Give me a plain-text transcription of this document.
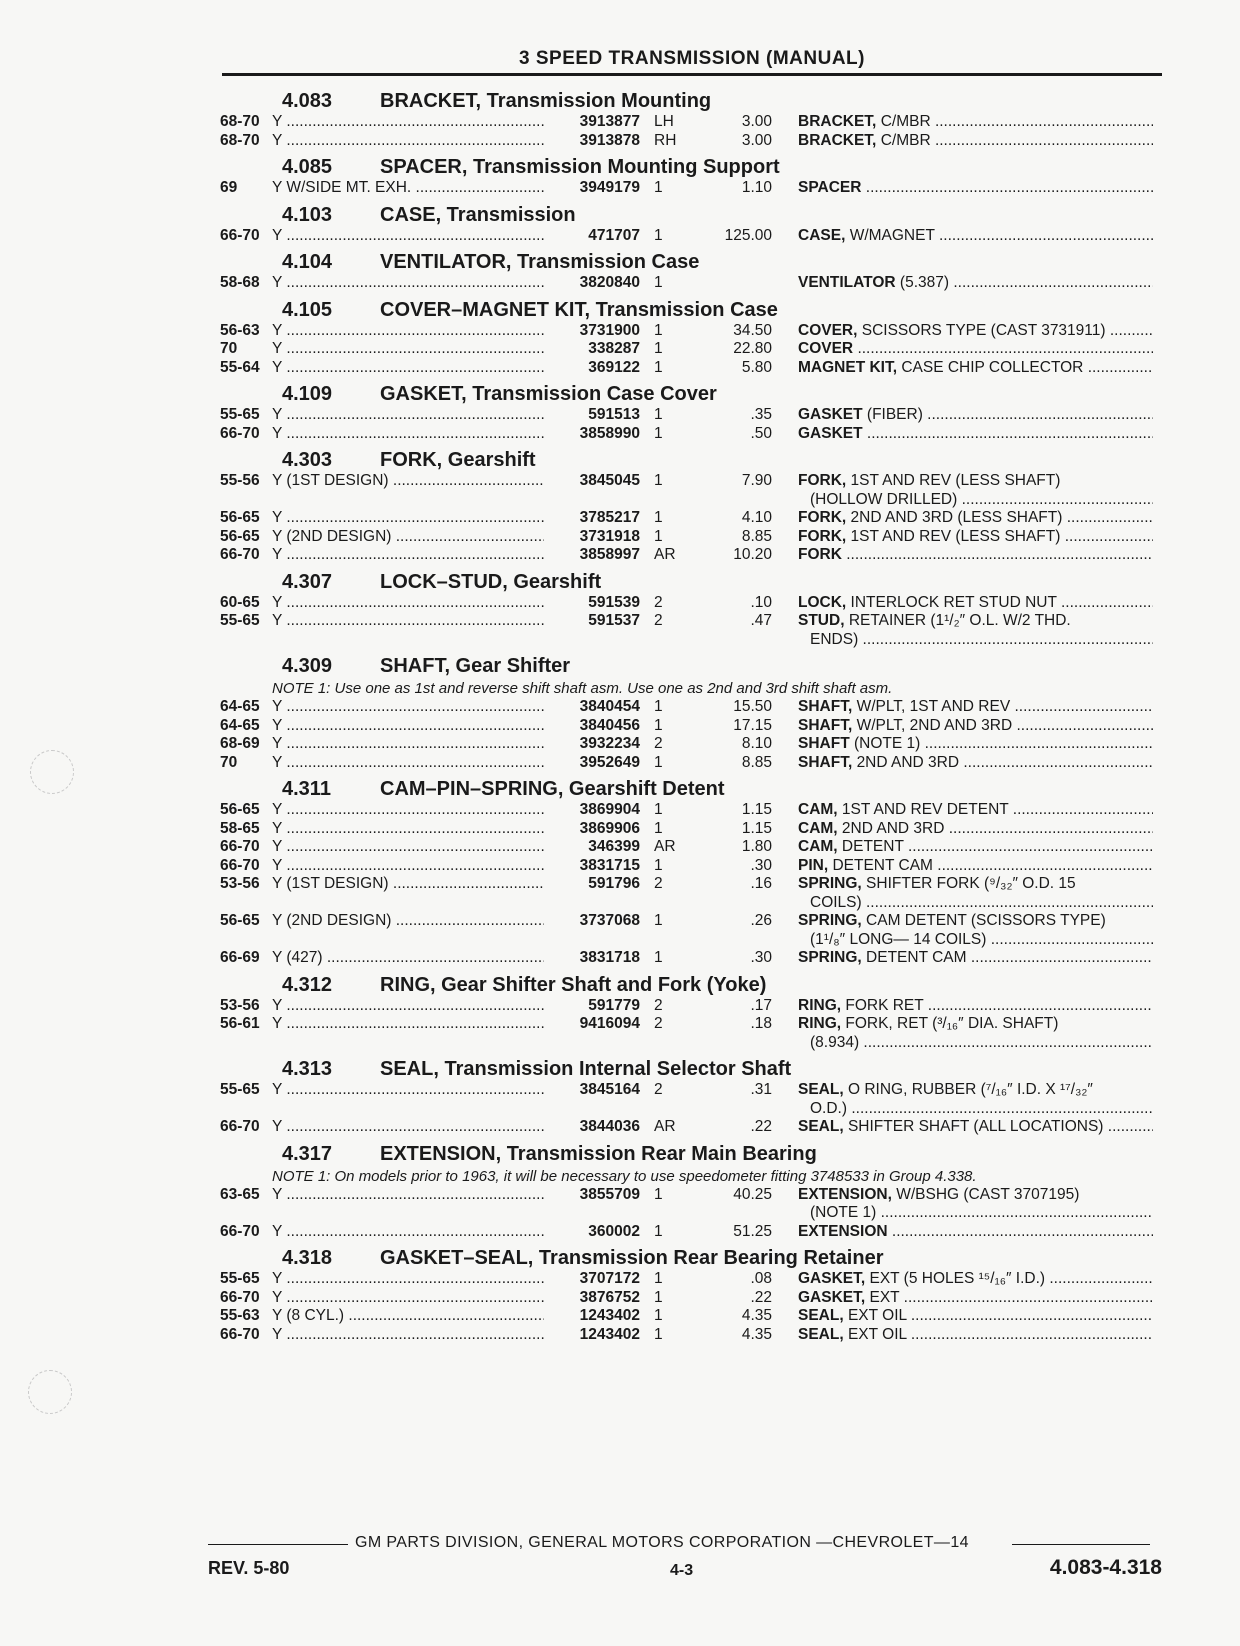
3 SPEED TRANSMISSION (MANUAL)
4.083	BRACKET, Transmission Mounting
68-70 Y .....	3913877 LH	3.00 BRACKET, C/MBR .....
68-70 Y .....	3913878 RH	3.00 BRACKET, C/MBR .....
4.085	SPACER, Transmission Mounting Support
69	Y W/SIDE MT. EXH. .....	3949179 1	1.10 SPACER .....
4.103	CASE, Transmission
66-70 Y .....	471707 1	125.00 CASE, W/MAGNET .....
4.104	VENTILATOR, Transmission Case
58-68 Y .....	3820840 1	VENTILATOR (5.387) .....
4.105	COVER–MAGNET KIT, Transmission Case
56-63 Y .....	3731900 1	34.50 COVER, SCISSORS TYPE (CAST 3731911) .....
70	Y .....	338287 1	22.80 COVER .....
55-64 Y .....	369122 1	5.80 MAGNET KIT, CASE CHIP COLLECTOR .....
4.109	GASKET, Transmission Case Cover
55-65 Y .....	591513 1	.35 GASKET (FIBER) .....
66-70 Y .....	3858990 1	.50 GASKET .....
4.303	FORK, Gearshift
55-56 Y (1ST DESIGN) .....	3845045 1	7.90 FORK, 1ST AND REV (LESS SHAFT)
(HOLLOW DRILLED) .....
56-65 Y .....	3785217 1	4.10 FORK, 2ND AND 3RD (LESS SHAFT) .....
56-65 Y (2ND DESIGN) .....	3731918 1	8.85 FORK, 1ST AND REV (LESS SHAFT) .....
66-70 Y .....	3858997 AR	10.20 FORK .....
4.307	LOCK–STUD, Gearshift
60-65 Y .....	591539 2	.10 LOCK, INTERLOCK RET STUD NUT .....
55-65 Y .....	591537 2	.47 STUD, RETAINER (1¹/₂″ O.L. W/2 THD.
ENDS) .....
4.309	SHAFT, Gear Shifter
NOTE 1: Use one as 1st and reverse shift shaft asm. Use one as 2nd and 3rd shift shaft asm.
64-65 Y .....	3840454 1	15.50 SHAFT, W/PLT, 1ST AND REV .....
64-65 Y .....	3840456 1	17.15 SHAFT, W/PLT, 2ND AND 3RD .....
68-69 Y .....	3932234 2	8.10 SHAFT (NOTE 1) .....
70	Y .....	3952649 1	8.85 SHAFT, 2ND AND 3RD .....
4.311	CAM–PIN–SPRING, Gearshift Detent
56-65 Y .....	3869904 1	1.15 CAM, 1ST AND REV DETENT .....
58-65 Y .....	3869906 1	1.15 CAM, 2ND AND 3RD .....
66-70 Y .....	346399 AR	1.80 CAM, DETENT .....
66-70 Y .....	3831715 1	.30 PIN, DETENT CAM .....
53-56 Y (1ST DESIGN) .....	591796 2	.16 SPRING, SHIFTER FORK (⁹/₃₂″ O.D. 15
COILS) .....
56-65 Y (2ND DESIGN) .....	3737068 1	.26 SPRING, CAM DETENT (SCISSORS TYPE)
(1¹/₈″ LONG— 14 COILS) .....
66-69 Y (427) .....	3831718 1	.30 SPRING, DETENT CAM .....
4.312	RING, Gear Shifter Shaft and Fork (Yoke)
53-56 Y .....	591779 2	.17 RING, FORK RET .....
56-61 Y .....	9416094 2	.18 RING, FORK, RET (³/₁₆″ DIA. SHAFT)
(8.934) .....
4.313	SEAL, Transmission Internal Selector Shaft
55-65 Y .....	3845164 2	.31 SEAL, O RING, RUBBER (⁷/₁₆″ I.D. X ¹⁷/₃₂″
O.D.) .....
66-70 Y .....	3844036 AR	.22 SEAL, SHIFTER SHAFT (ALL LOCATIONS) .....
4.317	EXTENSION, Transmission Rear Main Bearing
NOTE 1: On models prior to 1963, it will be necessary to use speedometer fitting 3748533 in Group 4.338.
63-65 Y .....	3855709 1	40.25 EXTENSION, W/BSHG (CAST 3707195)
(NOTE 1) .....
66-70 Y .....	360002 1	51.25 EXTENSION .....
4.318	GASKET–SEAL, Transmission Rear Bearing Retainer
55-65 Y .....	3707172 1	.08 GASKET, EXT (5 HOLES ¹⁵/₁₆″ I.D.) .....
66-70 Y .....	3876752 1	.22 GASKET, EXT .....
55-63 Y (8 CYL.) .....	1243402 1	4.35 SEAL, EXT OIL .....
66-70 Y .....	1243402 1	4.35 SEAL, EXT OIL .....
GM PARTS DIVISION, GENERAL MOTORS CORPORATION —CHEVROLET—14
REV. 5-80	4-3	4.083-4.318
